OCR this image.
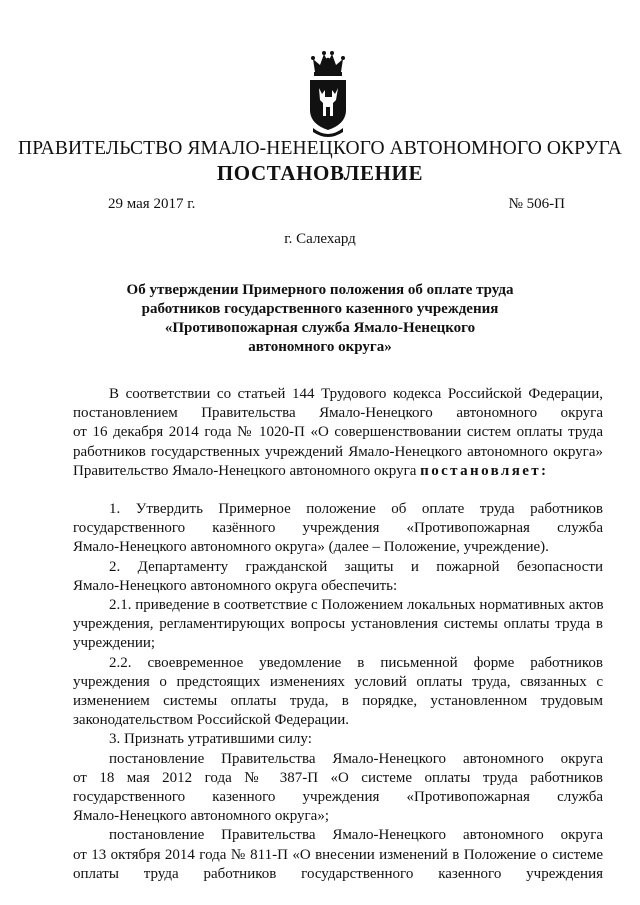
ПРАВИТЕЛЬСТВО ЯМАЛО-НЕНЕЦКОГО АВТОНОМНОГО ОКРУГА
ПОСТАНОВЛЕНИЕ
29 мая 2017 г.	№ 506-П
г. Салехард
Об утверждении Примерного положения об оплате труда
работников государственного казенного учреждения
«Противопожарная служба Ямало-Ненецкого
автономного округа»
В соответствии со статьей 144 Трудового кодекса Российской Федерации,
постановлением Правительства Ямало-Ненецкого автономного округа
от 16 декабря 2014 года № 1020-П «О совершенствовании систем оплаты труда
работников государственных учреждений Ямало-Ненецкого автономного округа»
Правительство Ямало-Ненецкого автономного округа постановляет:
1. Утвердить Примерное положение об оплате труда работников
государственного казённого учреждения «Противопожарная служба
Ямало-Ненецкого автономного округа» (далее – Положение, учреждение).
2. Департаменту гражданской защиты и пожарной безопасности
Ямало-Ненецкого автономного округа обеспечить:
2.1. приведение в соответствие с Положением локальных нормативных актов
учреждения, регламентирующих вопросы установления системы оплаты труда в
учреждении;
2.2. своевременное уведомление в письменной форме работников
учреждения о предстоящих изменениях условий оплаты труда, связанных с
изменением системы оплаты труда, в порядке, установленном трудовым
законодательством Российской Федерации.
3. Признать утратившими силу:
постановление Правительства Ямало-Ненецкого автономного округа
от 18 мая 2012 года № 387-П «О системе оплаты труда работников
государственного казенного учреждения «Противопожарная служба
Ямало-Ненецкого автономного округа»;
постановление Правительства Ямало-Ненецкого автономного округа
от 13 октября 2014 года № 811-П «О внесении изменений в Положение о системе
оплаты труда работников государственного казенного учреждения
